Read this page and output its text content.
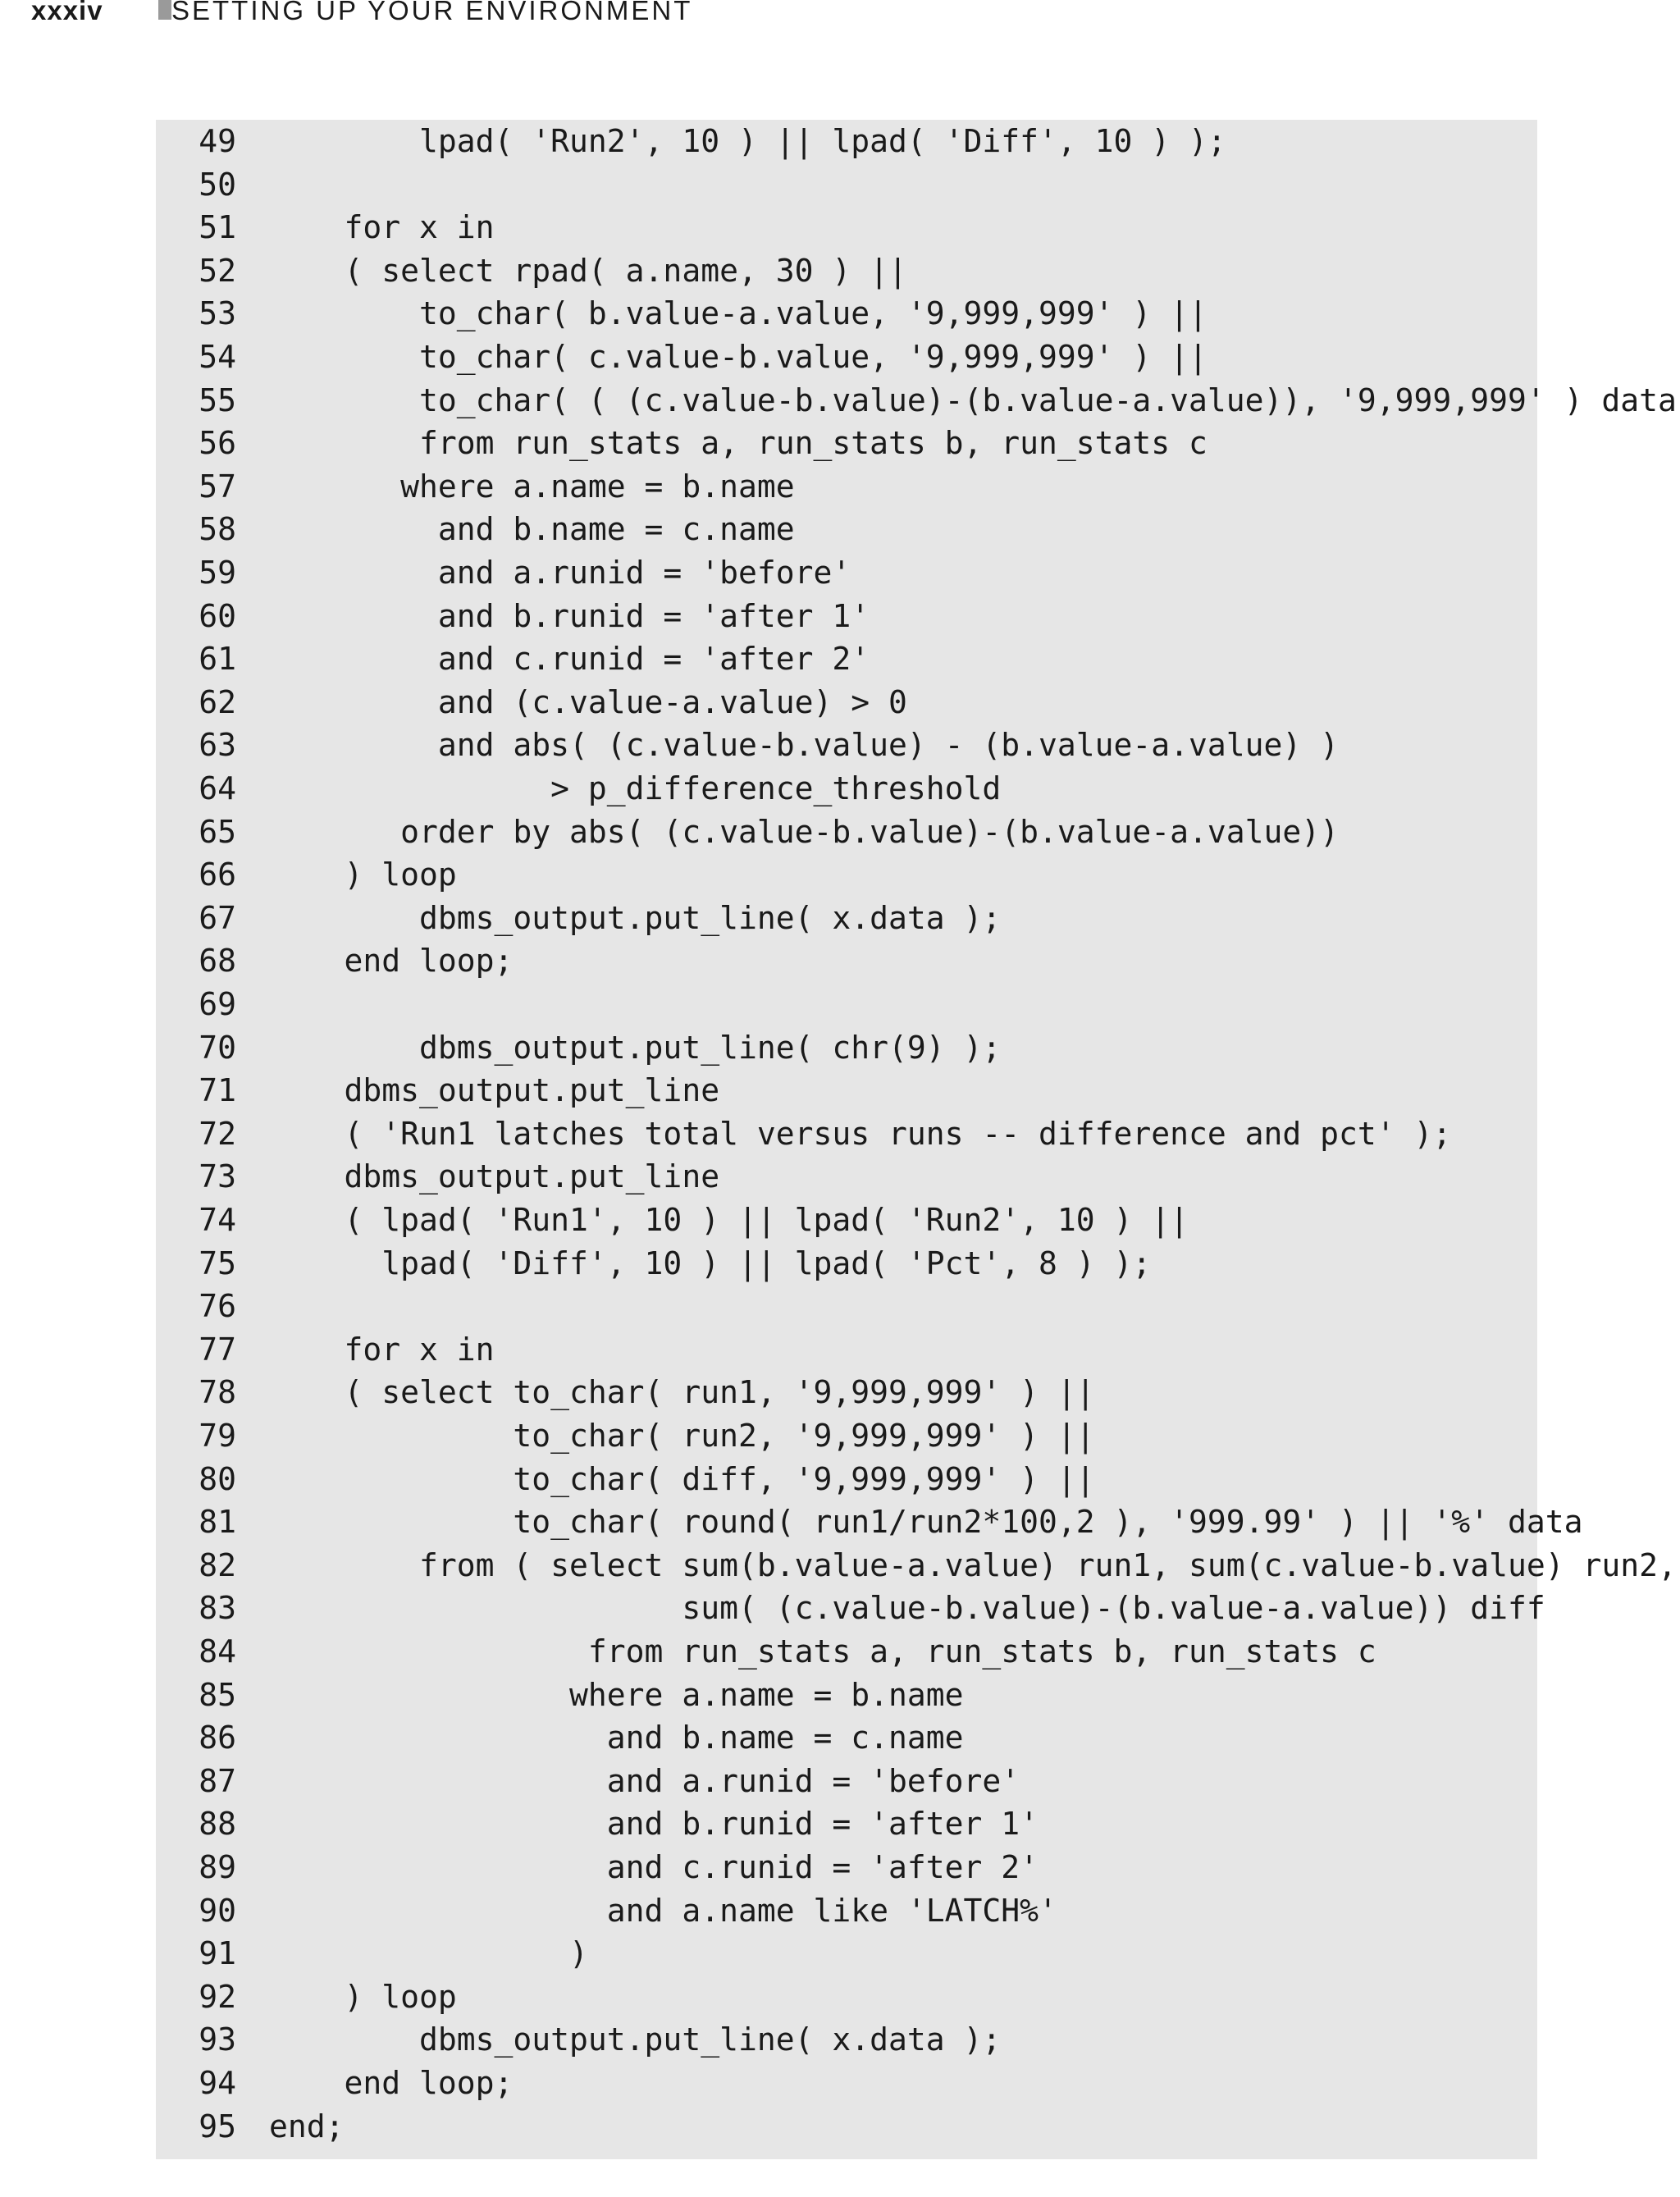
xxxiv	SETTING UP YOUR ENVIRONMENT
49        lpad( 'Run2', 10 ) || lpad( 'Diff', 10 ) );
50
51    for x in
52    ( select rpad( a.name, 30 ) ||
53        to_char( b.value-a.value, '9,999,999' ) ||
54        to_char( c.value-b.value, '9,999,999' ) ||
55        to_char( ( (c.value-b.value)-(b.value-a.value)), '9,999,999' ) data
56        from run_stats a, run_stats b, run_stats c
57       where a.name = b.name
58         and b.name = c.name
59         and a.runid = 'before'
60         and b.runid = 'after 1'
61         and c.runid = 'after 2'
62         and (c.value-a.value) > 0
63         and abs( (c.value-b.value) - (b.value-a.value) )
64               > p_difference_threshold
65       order by abs( (c.value-b.value)-(b.value-a.value))
66    ) loop
67        dbms_output.put_line( x.data );
68    end loop;
69
70        dbms_output.put_line( chr(9) );
71    dbms_output.put_line
72    ( 'Run1 latches total versus runs -- difference and pct' );
73    dbms_output.put_line
74    ( lpad( 'Run1', 10 ) || lpad( 'Run2', 10 ) ||
75      lpad( 'Diff', 10 ) || lpad( 'Pct', 8 ) );
76
77    for x in
78    ( select to_char( run1, '9,999,999' ) ||
79             to_char( run2, '9,999,999' ) ||
80             to_char( diff, '9,999,999' ) ||
81             to_char( round( run1/run2*100,2 ), '999.99' ) || '%' data
82        from ( select sum(b.value-a.value) run1, sum(c.value-b.value) run2,
83                      sum( (c.value-b.value)-(b.value-a.value)) diff
84                 from run_stats a, run_stats b, run_stats c
85                where a.name = b.name
86                  and b.name = c.name
87                  and a.runid = 'before'
88                  and b.runid = 'after 1'
89                  and c.runid = 'after 2'
90                  and a.name like 'LATCH%'
91                )
92    ) loop
93        dbms_output.put_line( x.data );
94    end loop;
95 end;
